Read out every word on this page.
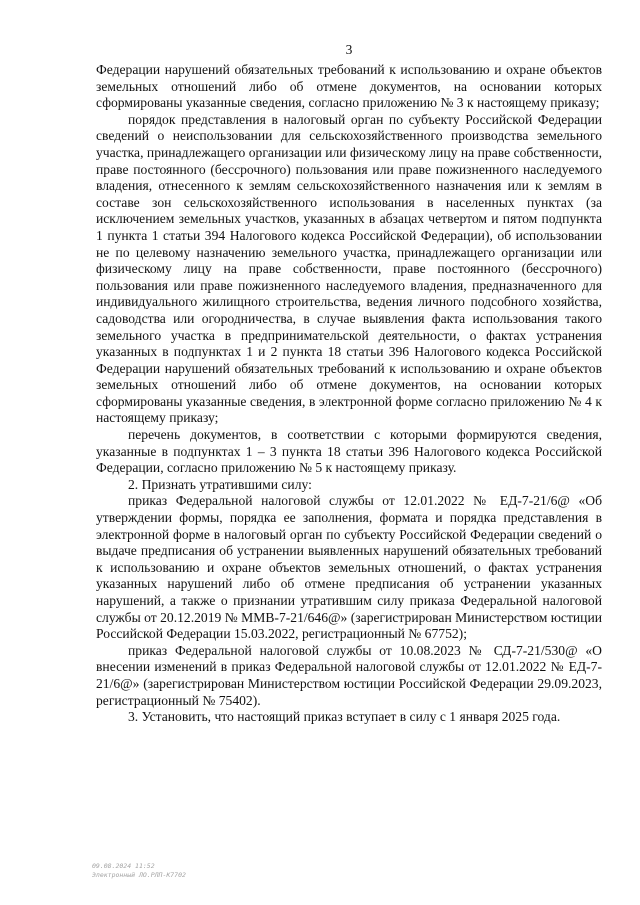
3

Федерации нарушений обязательных требований к использованию и охране объектов земельных отношений либо об отмене документов, на основании которых сформированы указанные сведения, согласно приложению № 3 к настоящему приказу;

порядок представления в налоговый орган по субъекту Российской Федерации сведений о неиспользовании для сельскохозяйственного производства земельного участка, принадлежащего организации или физическому лицу на праве собственности, праве постоянного (бессрочного) пользования или праве пожизненного наследуемого владения, отнесенного к землям сельскохозяйственного назначения или к землям в составе зон сельскохозяйственного использования в населенных пунктах (за исключением земельных участков, указанных в абзацах четвертом и пятом подпункта 1 пункта 1 статьи 394 Налогового кодекса Российской Федерации), об использовании не по целевому назначению земельного участка, принадлежащего организации или физическому лицу на праве собственности, праве постоянного (бессрочного) пользования или праве пожизненного наследуемого владения, предназначенного для индивидуального жилищного строительства, ведения личного подсобного хозяйства, садоводства или огородничества, в случае выявления факта использования такого земельного участка в предпринимательской деятельности, о фактах устранения указанных в подпунктах 1 и 2 пункта 18 статьи 396 Налогового кодекса Российской Федерации нарушений обязательных требований к использованию и охране объектов земельных отношений либо об отмене документов, на основании которых сформированы указанные сведения, в электронной форме согласно приложению № 4 к настоящему приказу;

перечень документов, в соответствии с которыми формируются сведения, указанные в подпунктах 1 – 3 пункта 18 статьи 396 Налогового кодекса Российской Федерации, согласно приложению № 5 к настоящему приказу.

2. Признать утратившими силу:

приказ Федеральной налоговой службы от 12.01.2022 № ЕД-7-21/6@ «Об утверждении формы, порядка ее заполнения, формата и порядка представления в электронной форме в налоговый орган по субъекту Российской Федерации сведений о выдаче предписания об устранении выявленных нарушений обязательных требований к использованию и охране объектов земельных отношений, о фактах устранения указанных нарушений либо об отмене предписания об устранении указанных нарушений, а также о признании утратившим силу приказа Федеральной налоговой службы от 20.12.2019 № ММВ-7-21/646@» (зарегистрирован Министерством юстиции Российской Федерации 15.03.2022, регистрационный № 67752);

приказ Федеральной налоговой службы от 10.08.2023 № СД-7-21/530@ «О внесении изменений в приказ Федеральной налоговой службы от 12.01.2022 № ЕД-7-21/6@» (зарегистрирован Министерством юстиции Российской Федерации 29.09.2023, регистрационный № 75402).

3. Установить, что настоящий приказ вступает в силу с 1 января 2025 года.

09.08.2024 11:52
Электронный ЛО.РЛП-К7702
